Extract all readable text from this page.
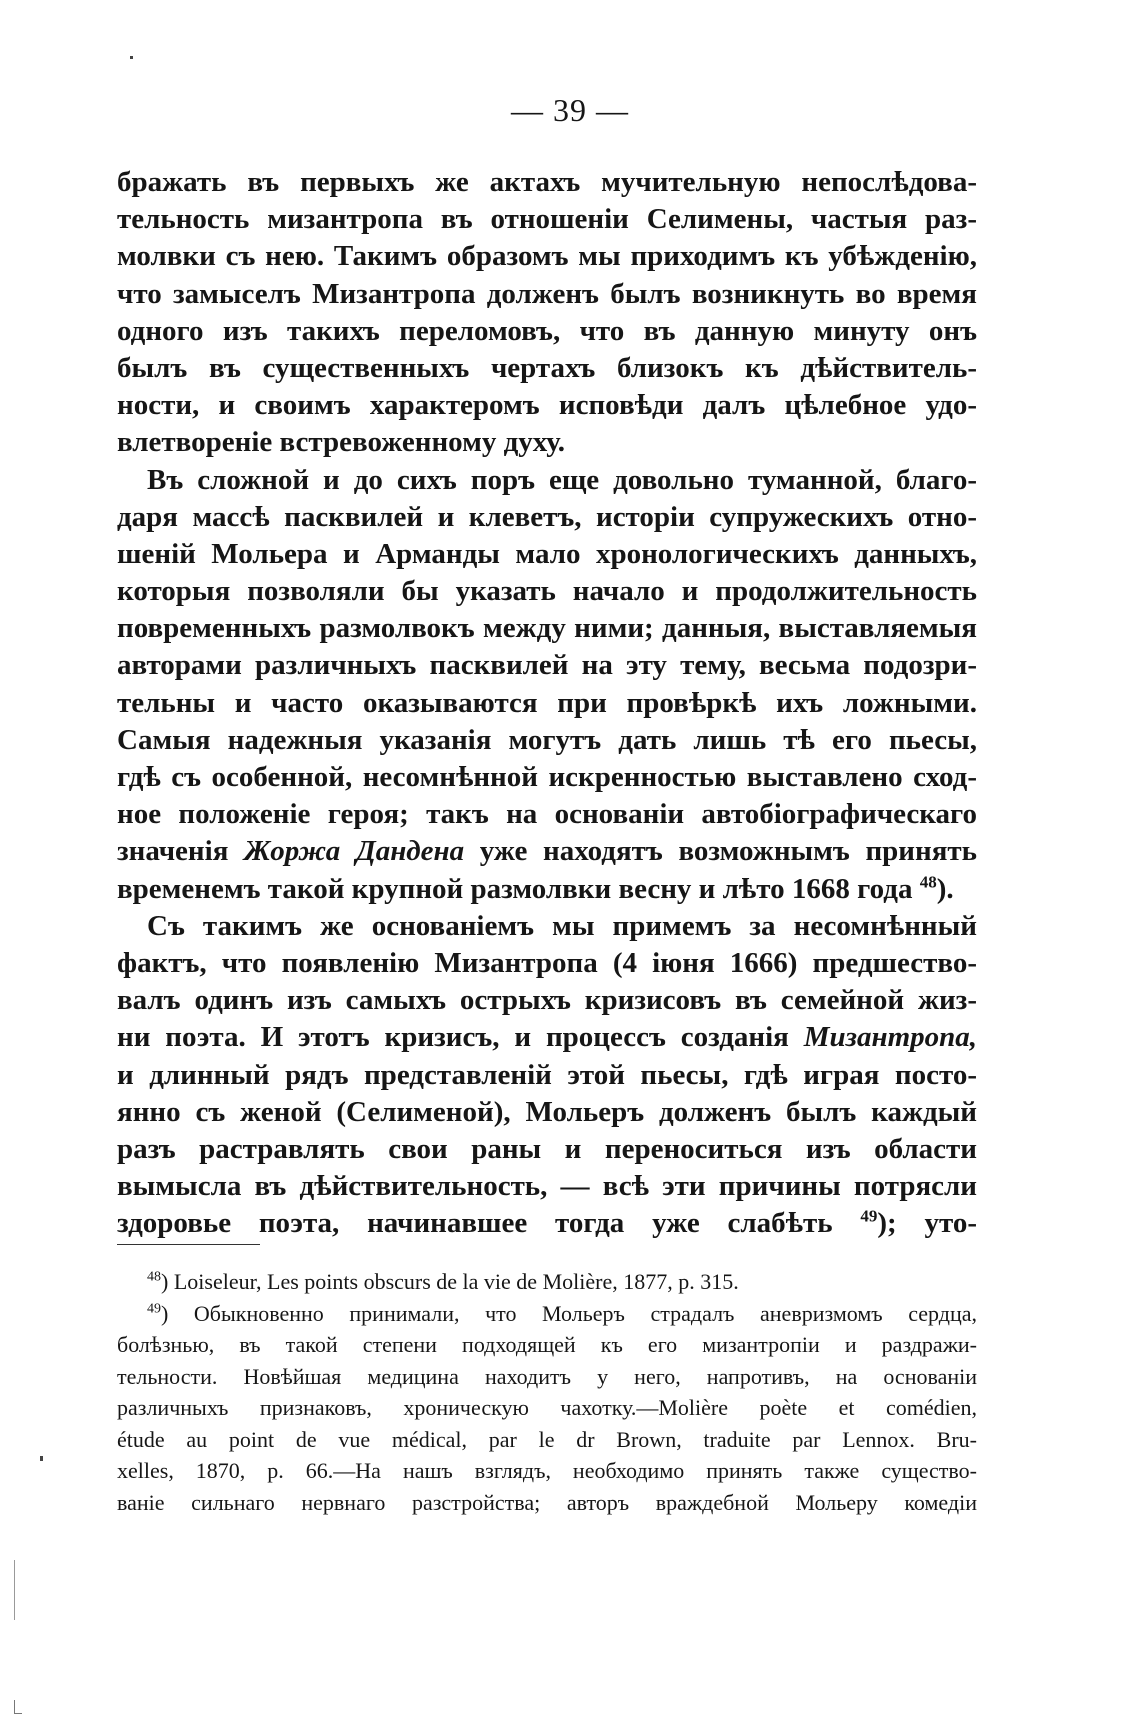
— 39 —
бражать въ первыхъ же актахъ мучительную непослѣдова-
тельность мизантропа въ отношеніи Селимены, частыя раз-
молвки съ нею. Такимъ образомъ мы приходимъ къ убѣжденію,
что замыселъ Мизантропа долженъ былъ возникнуть во время
одного изъ такихъ переломовъ, что въ данную минуту онъ
былъ въ существенныхъ чертахъ близокъ къ дѣйствитель-
ности, и своимъ характеромъ исповѣди далъ цѣлебное удо-
влетвореніе встревоженному духу.
Въ сложной и до сихъ поръ еще довольно туманной, благо-
даря массѣ пасквилей и клеветъ, исторіи супружескихъ отно-
шеній Мольера и Арманды мало хронологическихъ данныхъ,
которыя позволяли бы указать начало и продолжительность
повременныхъ размолвокъ между ними; данныя, выставляемыя
авторами различныхъ пасквилей на эту тему, весьма подозри-
тельны и часто оказываются при провѣркѣ ихъ ложными.
Самыя надежныя указанія могутъ дать лишь тѣ его пьесы,
гдѣ съ особенной, несомнѣнной искренностью выставлено сход-
ное положеніе героя; такъ на основаніи автобіографическаго
значенія Жоржа Дандена уже находятъ возможнымъ принять
временемъ такой крупной размолвки весну и лѣто 1668 года $^{48}$).
Съ такимъ же основаніемъ мы примемъ за несомнѣнный
фактъ, что появленію Мизантропа (4 іюня 1666) предшество-
валъ одинъ изъ самыхъ острыхъ кризисовъ въ семейной жиз-
ни поэта. И этотъ кризисъ, и процессъ созданія Мизантропа,
и длинный рядъ представленій этой пьесы, гдѣ играя посто-
янно съ женой (Селименой), Мольеръ долженъ былъ каждый
разъ растравлять свои раны и переноситься изъ области
вымысла въ дѣйствительность, — всѣ эти причины потрясли
здоровье поэта, начинавшее тогда уже слабѣть $^{49}$); уто-
$^{48}$) Loiseleur, Les points obscurs de la vie de Molière, 1877, p. 315.
$^{49}$) Обыкновенно принимали, что Мольеръ страдалъ аневризмомъ сердца,
болѣзнью, въ такой степени подходящей къ его мизантропіи и раздражи-
тельности. Новѣйшая медицина находитъ у него, напротивъ, на основаніи
различныхъ признаковъ, хроническую чахотку.—Molière poète et comédien,
étude au point de vue médical, par le dr Brown, traduite par Lennox. Bru-
xelles, 1870, p. 66.—На нашъ взглядъ, необходимо принять также существо-
ваніе сильнаго нервнаго разстройства; авторъ враждебной Мольеру комедіи
